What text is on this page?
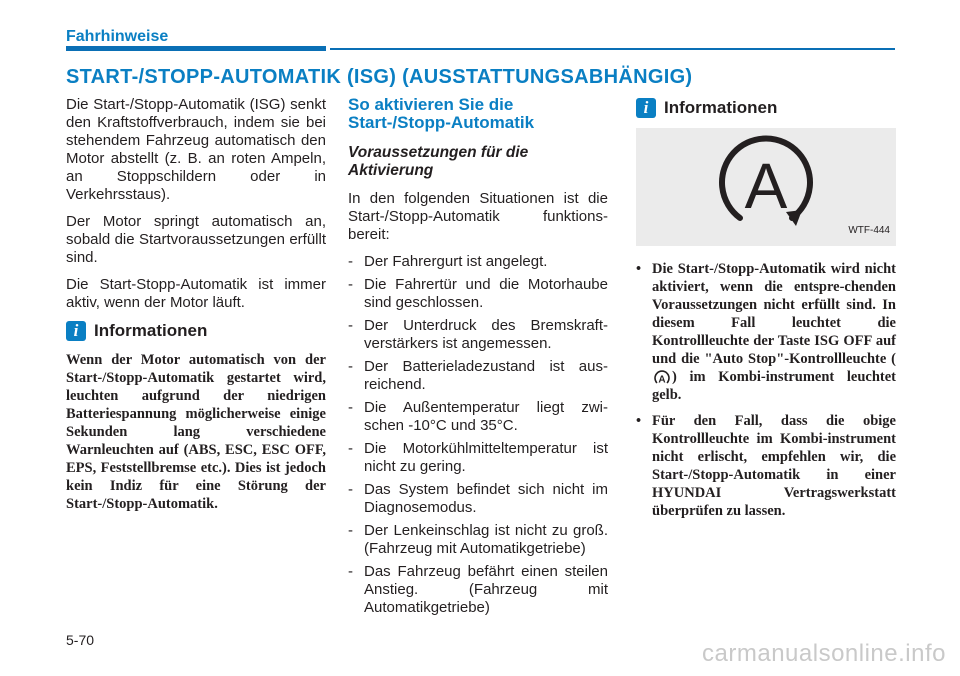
Fahrhinweise
START-/STOPP-AUTOMATIK (ISG) (AUSSTATTUNGSABHÄNGIG)

Die Start-/Stopp-Automatik (ISG) senkt den Kraftstoffverbrauch, indem sie bei stehendem Fahrzeug automatisch den Motor abstellt (z. B. an roten Ampeln, an Stoppschildern oder in Verkehrsstaus).

Der Motor springt automatisch an, sobald die Startvoraussetzungen erfüllt sind.

Die Start-Stopp-Automatik ist immer aktiv, wenn der Motor läuft.

i Informationen

Wenn der Motor automatisch von der Start-/Stopp-Automatik gestartet wird, leuchten aufgrund der niedrigen Batteriespannung möglicherweise einige Sekunden lang verschiedene Warnleuchten auf (ABS, ESC, ESC OFF, EPS, Feststellbremse etc.). Dies ist jedoch kein Indiz für eine Störung der Start-/Stopp-Automatik.

So aktivieren Sie die Start-/Stopp-Automatik
Voraussetzungen für die Aktivierung

In den folgenden Situationen ist die Start-/Stopp-Automatik funktions-bereit:

- Der Fahrergurt ist angelegt.
- Die Fahrertür und die Motorhaube sind geschlossen.
- Der Unterdruck des Bremskraft-verstärkers ist angemessen.
- Der Batterieladezustand ist aus-reichend.
- Die Außentemperatur liegt zwi-schen -10°C und 35°C.
- Die Motorkühlmitteltemperatur ist nicht zu gering.
- Das System befindet sich nicht im Diagnosemodus.
- Der Lenkeinschlag ist nicht zu groß. (Fahrzeug mit Automatikgetriebe)
- Das Fahrzeug befährt einen steilen Anstieg. (Fahrzeug mit Automatikgetriebe)
i Informationen
A
WTF-444
• Die Start-/Stopp-Automatik wird nicht aktiviert, wenn die entspre-chenden Voraussetzungen nicht erfüllt sind. In diesem Fall leuchtet die Kontrollleuchte der Taste ISG OFF auf und die "Auto Stop"-Kontrollleuchte (
A ) im Kombi-instrument leuchtet gelb.
• Für den Fall, dass die obige Kontrollleuchte im Kombi-instrument nicht erlischt, empfehlen wir, die Start-/Stopp-Automatik in einer HYUNDAI Vertragswerkstatt überprüfen zu lassen.
5-70	carmanualsonline.info
